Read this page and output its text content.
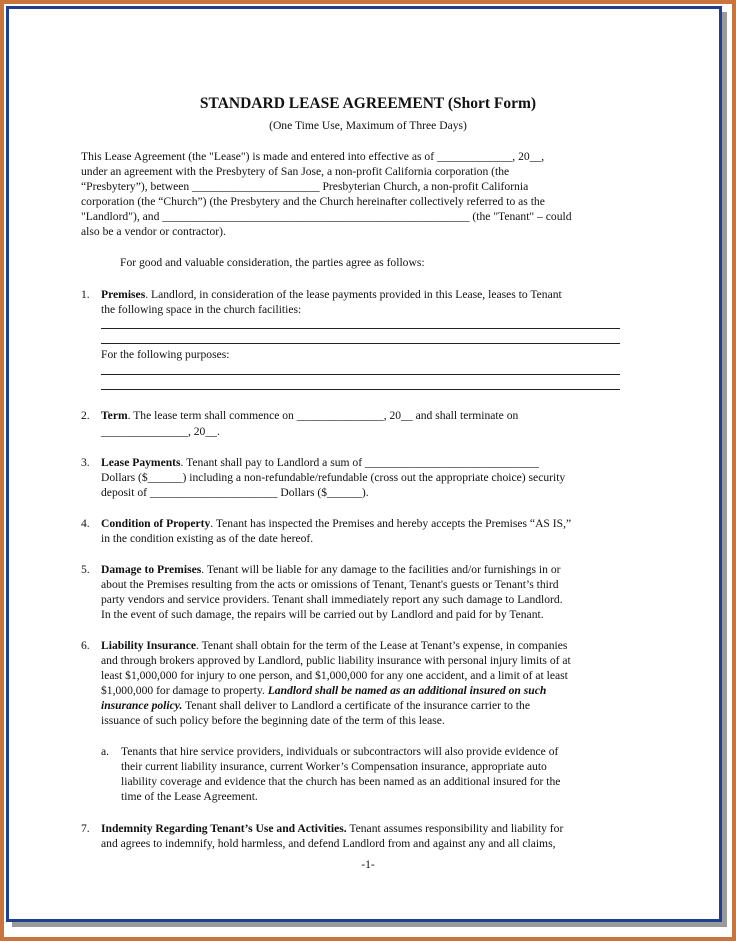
STANDARD LEASE AGREEMENT (Short Form)
(One Time Use, Maximum of Three Days)
This Lease Agreement (the "Lease") is made and entered into effective as of _____________, 20__,
under an agreement with the Presbytery of San Jose, a non-profit California corporation (the
“Presbytery”), between ______________________ Presbyterian Church, a non-profit California
corporation (the “Church”) (the Presbytery and the Church hereinafter collectively referred to as the
"Landlord"), and _____________________________________________________ (the "Tenant" – could
also be a vendor or contractor).
For good and valuable consideration, the parties agree as follows:
1. Premises. Landlord, in consideration of the lease payments provided in this Lease, leases to Tenant
the following space in the church facilities:
For the following purposes:
2. Term. The lease term shall commence on _______________, 20__ and shall terminate on
_______________, 20__.
3. Lease Payments. Tenant shall pay to Landlord a sum of ______________________________
Dollars ($______) including a non-refundable/refundable (cross out the appropriate choice) security
deposit of ______________________ Dollars ($______).
4. Condition of Property. Tenant has inspected the Premises and hereby accepts the Premises “AS IS,”
in the condition existing as of the date hereof.
5. Damage to Premises. Tenant will be liable for any damage to the facilities and/or furnishings in or
about the Premises resulting from the acts or omissions of Tenant, Tenant's guests or Tenant’s third
party vendors and service providers. Tenant shall immediately report any such damage to Landlord.
In the event of such damage, the repairs will be carried out by Landlord and paid for by Tenant.
6. Liability Insurance. Tenant shall obtain for the term of the Lease at Tenant’s expense, in companies
and through brokers approved by Landlord, public liability insurance with personal injury limits of at
least $1,000,000 for injury to one person, and $1,000,000 for any one accident, and a limit of at least
$1,000,000 for damage to property. Landlord shall be named as an additional insured on such
insurance policy. Tenant shall deliver to Landlord a certificate of the insurance carrier to the
issuance of such policy before the beginning date of the term of this lease.
a. Tenants that hire service providers, individuals or subcontractors will also provide evidence of
their current liability insurance, current Worker’s Compensation insurance, appropriate auto
liability coverage and evidence that the church has been named as an additional insured for the
time of the Lease Agreement.
7. Indemnity Regarding Tenant’s Use and Activities. Tenant assumes responsibility and liability for
and agrees to indemnify, hold harmless, and defend Landlord from and against any and all claims,
-1-
